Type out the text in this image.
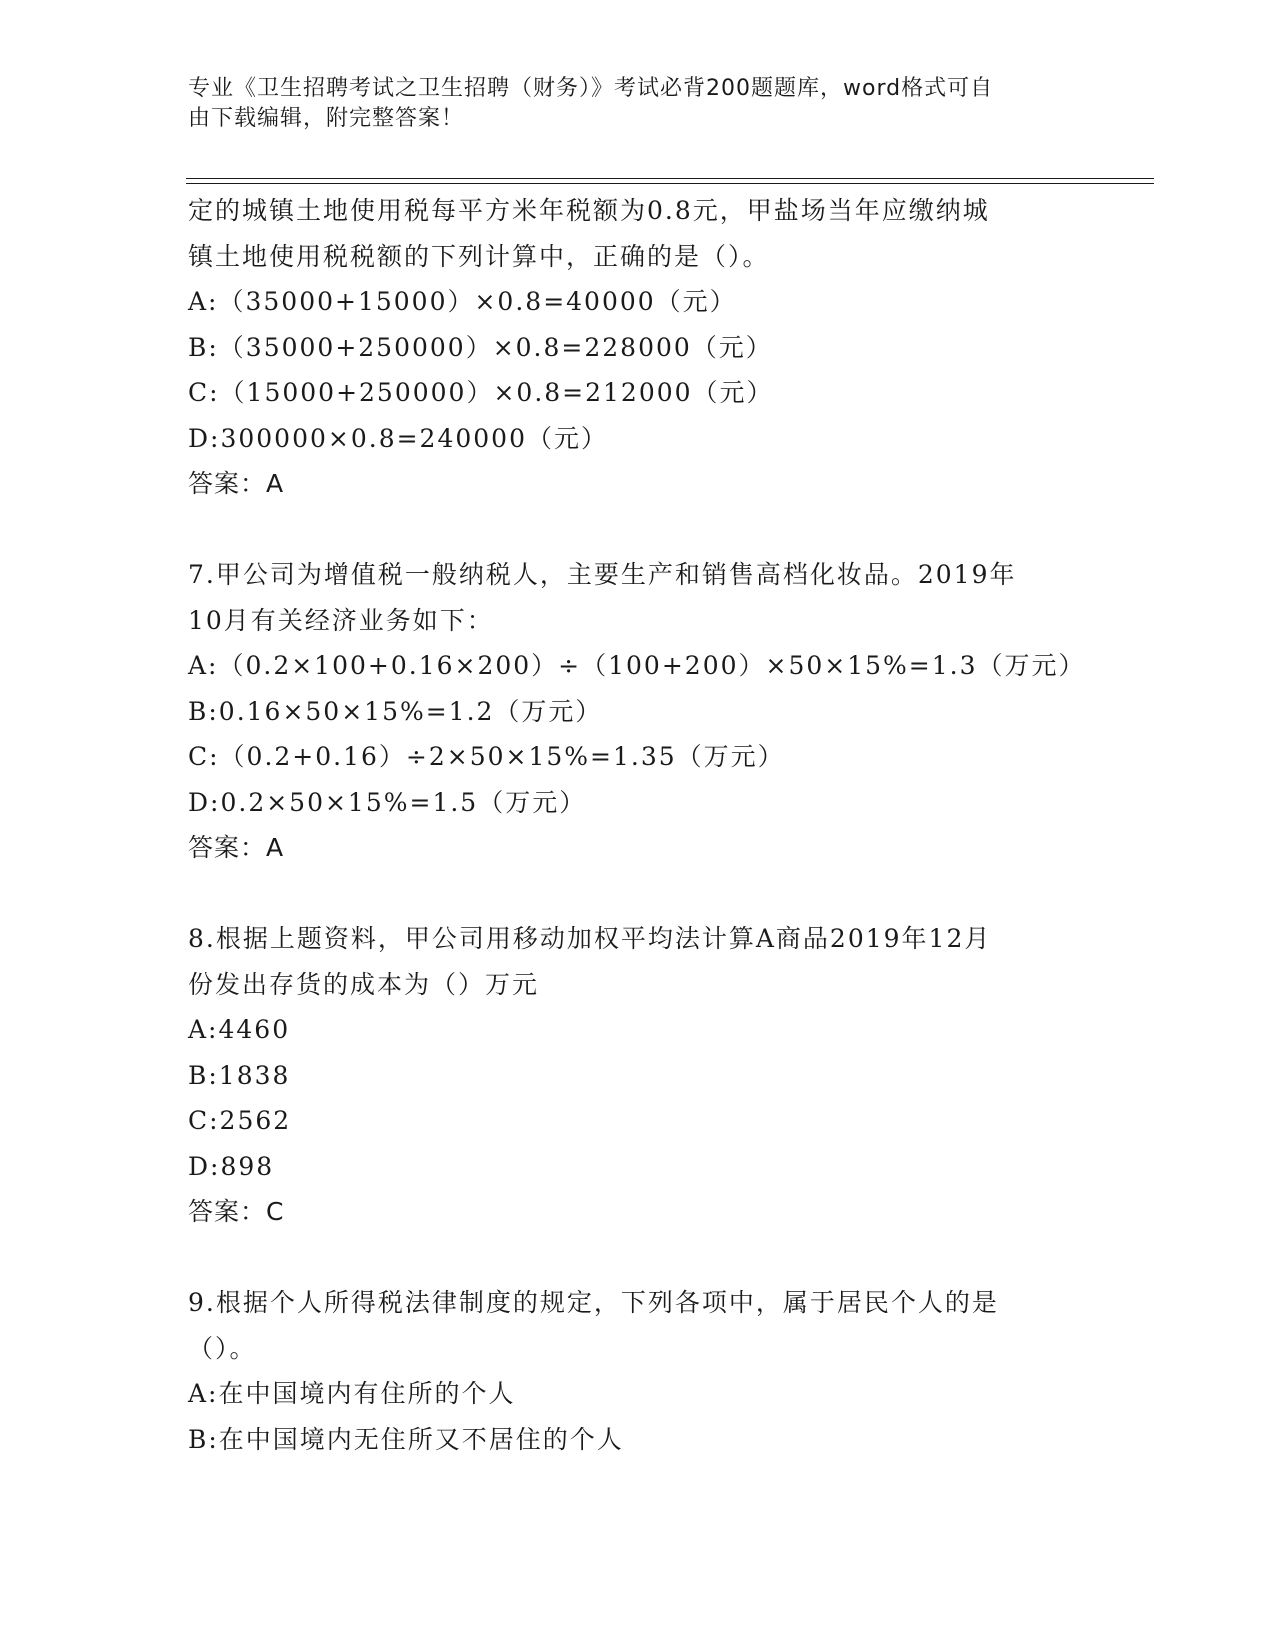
专业《卫生招聘考试之卫生招聘（财务）》考试必背200题题库，word格式可自
由下载编辑，附完整答案！
定的城镇土地使用税每平方米年税额为0.8元，甲盐场当年应缴纳城
镇土地使用税税额的下列计算中，正确的是（）。
A:（35000+15000）×0.8=40000（元）
B:（35000+250000）×0.8=228000（元）
C:（15000+250000）×0.8=212000（元）
D:300000×0.8=240000（元）
答案：A
7.甲公司为增值税一般纳税人，主要生产和销售高档化妆品。2019年
10月有关经济业务如下：
A:（0.2×100+0.16×200）÷（100+200）×50×15%=1.3（万元）
B:0.16×50×15%=1.2（万元）
C:（0.2+0.16）÷2×50×15%=1.35（万元）
D:0.2×50×15%=1.5（万元）
答案：A
8.根据上题资料，甲公司用移动加权平均法计算A商品2019年12月
份发出存货的成本为（）万元
A:4460
B:1838
C:2562
D:898
答案：C
9.根据个人所得税法律制度的规定，下列各项中，属于居民个人的是
（）。
A:在中国境内有住所的个人
B:在中国境内无住所又不居住的个人
